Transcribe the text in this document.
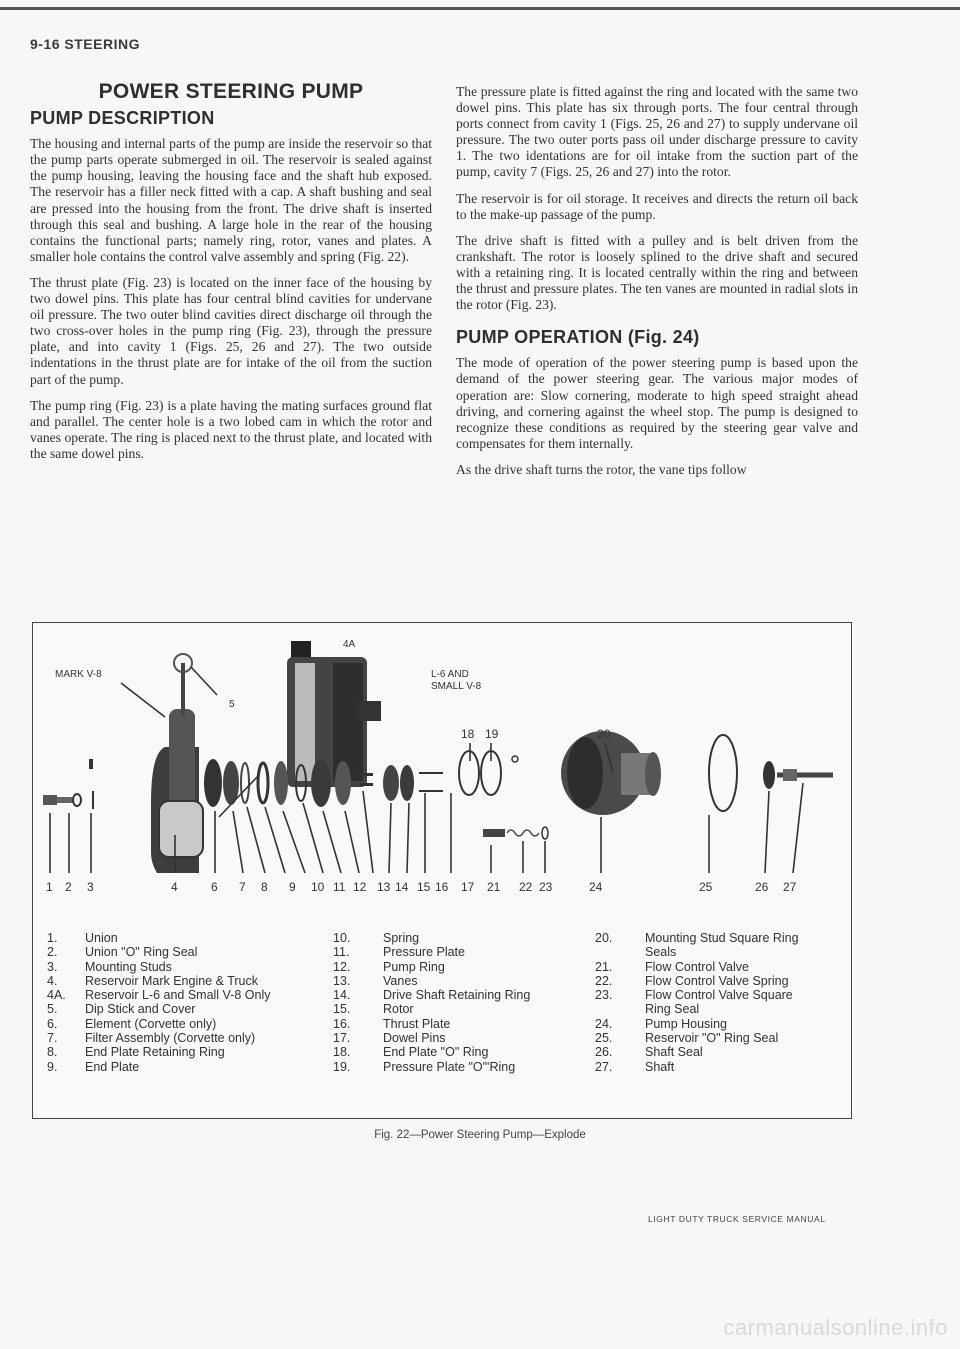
9-16 STEERING
POWER STEERING PUMP
PUMP DESCRIPTION

The housing and internal parts of the pump are inside the reservoir so that the pump parts operate submerged in oil. The reservoir is sealed against the pump housing, leaving the housing face and the shaft hub exposed. The reservoir has a filler neck fitted with a cap. A shaft bushing and seal are pressed into the housing from the front. The drive shaft is inserted through this seal and bushing. A large hole in the rear of the housing contains the functional parts; namely ring, rotor, vanes and plates. A smaller hole contains the control valve assembly and spring (Fig. 22).

The thrust plate (Fig. 23) is located on the inner face of the housing by two dowel pins. This plate has four central blind cavities for undervane oil pressure. The two outer blind cavities direct discharge oil through the two cross-over holes in the pump ring (Fig. 23), through the pressure plate, and into cavity 1 (Figs. 25, 26 and 27). The two outside indentations in the thrust plate are for intake of the oil from the suction part of the pump.

The pump ring (Fig. 23) is a plate having the mating surfaces ground flat and parallel. The center hole is a two lobed cam in which the rotor and vanes operate. The ring is placed next to the thrust plate, and located with the same dowel pins.

The pressure plate is fitted against the ring and located with the same two dowel pins. This plate has six through ports. The four central through ports connect from cavity 1 (Figs. 25, 26 and 27) to supply undervane oil pressure. The two outer ports pass oil under discharge pressure to cavity 1. The two identations are for oil intake from the suction part of the pump, cavity 7 (Figs. 25, 26 and 27) into the rotor.

The reservoir is for oil storage. It receives and directs the return oil back to the make-up passage of the pump.

The drive shaft is fitted with a pulley and is belt driven from the crankshaft. The rotor is loosely splined to the drive shaft and secured with a retaining ring. It is located centrally within the ring and between the thrust and pressure plates. The ten vanes are mounted in radial slots in the rotor (Fig. 23).

PUMP OPERATION (Fig. 24)

The mode of operation of the power steering pump is based upon the demand of the power steering gear. The various major modes of operation are: Slow cornering, moderate to high speed straight ahead driving, and cornering against the wheel stop. The pump is designed to recognize these conditions as required by the steering gear valve and compensates for them internally.

As the drive shaft turns the rotor, the vane tips follow

4A
5
L-6 AND
SMALL V-8
MARK V-8
18 19	20
1 2 3	4	6 7 8 9 10 11 12 13 14 15 16 17 21 22 23	24	25	26 27
1.	Union
2.	Union "O" Ring Seal
3.	Mounting Studs
4.	Reservoir Mark Engine & Truck
4A.	Reservoir L-6 and Small V-8 Only
5.	Dip Stick and Cover
6.	Element (Corvette only)
7.	Filter Assembly (Corvette only)
8.	End Plate Retaining Ring
9.	End Plate
10.	Spring
11.	Pressure Plate
12.	Pump Ring
13.	Vanes
14.	Drive Shaft Retaining Ring
15.	Rotor
16.	Thrust Plate
17.	Dowel Pins
18.	End Plate "O" Ring
19.	Pressure Plate "O"'Ring
20.	Mounting Stud Square Ring
Seals
21.	Flow Control Valve
22.	Flow Control Valve Spring
23.	Flow Control Valve Square
Ring Seal
24.	Pump Housing
25.	Reservoir "O" Ring Seal
26.	Shaft Seal
27.	Shaft
Fig. 22—Power Steering Pump—Explode
LIGHT DUTY TRUCK SERVICE MANUAL
carmanualsonline.info
